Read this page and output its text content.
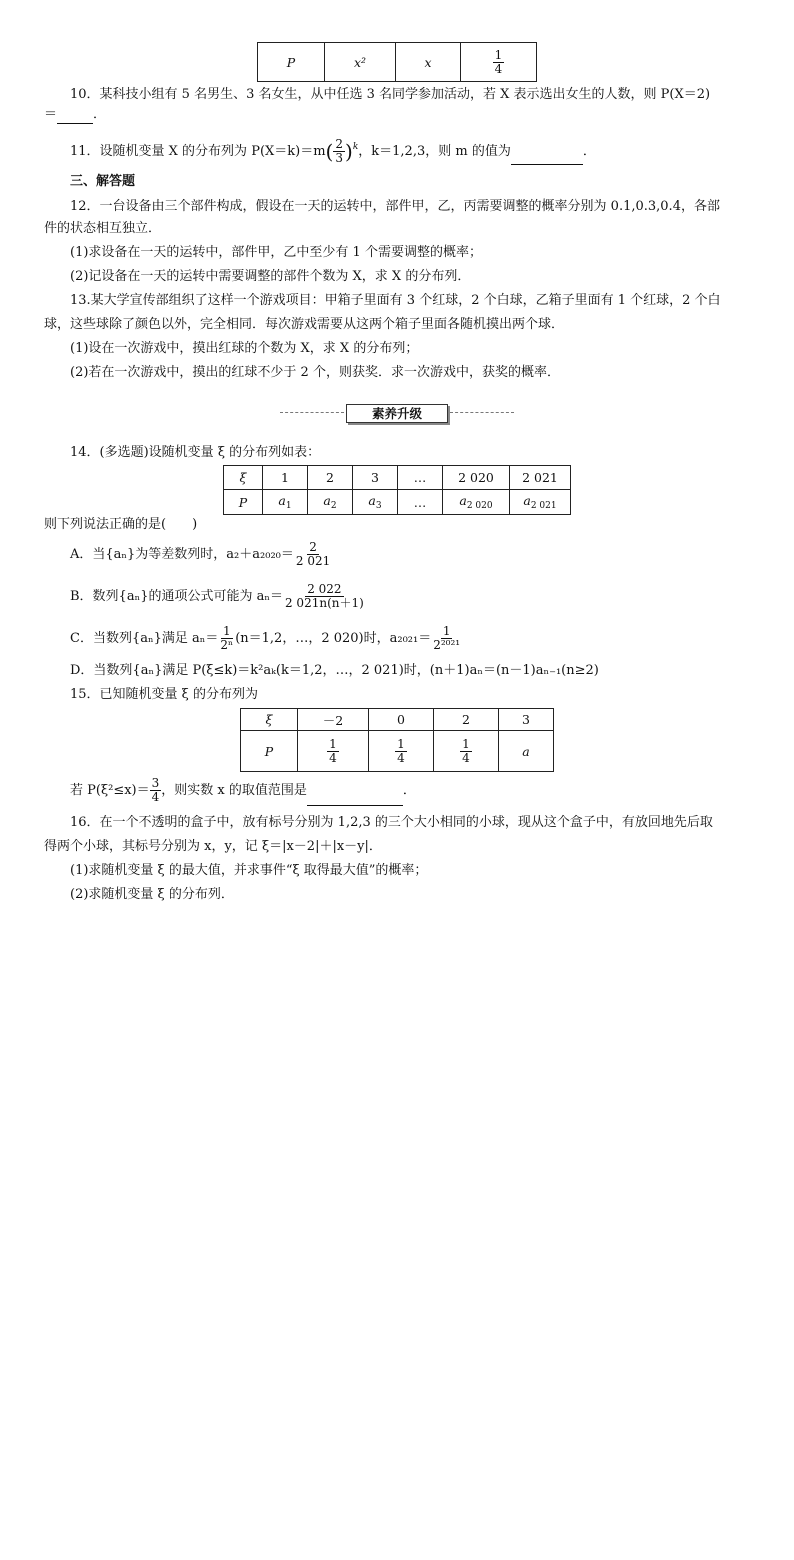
P	x²	x	$\frac{1}{4}$
10．某科技小组有 5 名男生、3 名女生，从中任选 3 名同学参加活动，若 X 表示选出女生的人数，则 P(X＝2)
＝	．
11．设随机变量 X 的分布列为 $P(X=k)=m( \frac{2}{3} )^k$，k＝1,2,3，则 m 的值为	．
三、解答题
12．一台设备由三个部件构成，假设在一天的运转中，部件甲，乙，丙需要调整的概率分别为 0.1,0.3,0.4，各部
件的状态相互独立．
(1)求设备在一天的运转中，部件甲，乙中至少有 1 个需要调整的概率；
(2)记设备在一天的运转中需要调整的部件个数为 X，求 X 的分布列．
13.某大学宣传部组织了这样一个游戏项目：甲箱子里面有 3 个红球，2 个白球，乙箱子里面有 1 个红球，2 个白
球，这些球除了颜色以外，完全相同．每次游戏需要从这两个箱子里面各随机摸出两个球．
(1)设在一次游戏中，摸出红球的个数为 X，求 X 的分布列；
(2)若在一次游戏中，摸出的红球不少于 2 个，则获奖．求一次游戏中，获奖的概率．
素养升级
14．(多选题)设随机变量 ξ 的分布列如表：
ξ	1	2	3	…	2 020	2 021
P	$a_1$	$a_2$	$a_3$	…	$a_{2 020}$	$a_{2 021}$
则下列说法正确的是(　　)
A．当{aₙ}为等差数列时，$a_2+a_{2020}= \frac{2}{2 021}$
B．数列{aₙ}的通项公式可能为 $a_n= \frac{2 022}{2 021n(n+1)}$
C．当数列{aₙ}满足 $a_n= \frac{1}{\text{2ⁿ}} (n=1,2$，…，2 020)时，$a_{2021}= \frac{1}{\text{2²⁰²¹}}$
D．当数列{aₙ}满足 P(ξ≤k)＝k²aₖ(k＝1,2，…，2 021)时，(n＋1)aₙ＝(n－1)aₙ₋₁(n≥2)
15．已知随机变量 ξ 的分布列为
ξ	－2	0	2	3
P	$\frac{1}{4}$	$\frac{1}{4}$	$\frac{1}{4}$	a
若 $P(\xi^2\le x)= \frac{3}{4}$ ，则实数 x 的取值范围是	．
16．在一个不透明的盒子中，放有标号分别为 1,2,3 的三个大小相同的小球，现从这个盒子中，有放回地先后取
得两个小球，其标号分别为 x，y，记 ξ＝|x－2|＋|x－y|．
(1)求随机变量 ξ 的最大值，并求事件“ξ 取得最大值”的概率；
(2)求随机变量 ξ 的分布列．
